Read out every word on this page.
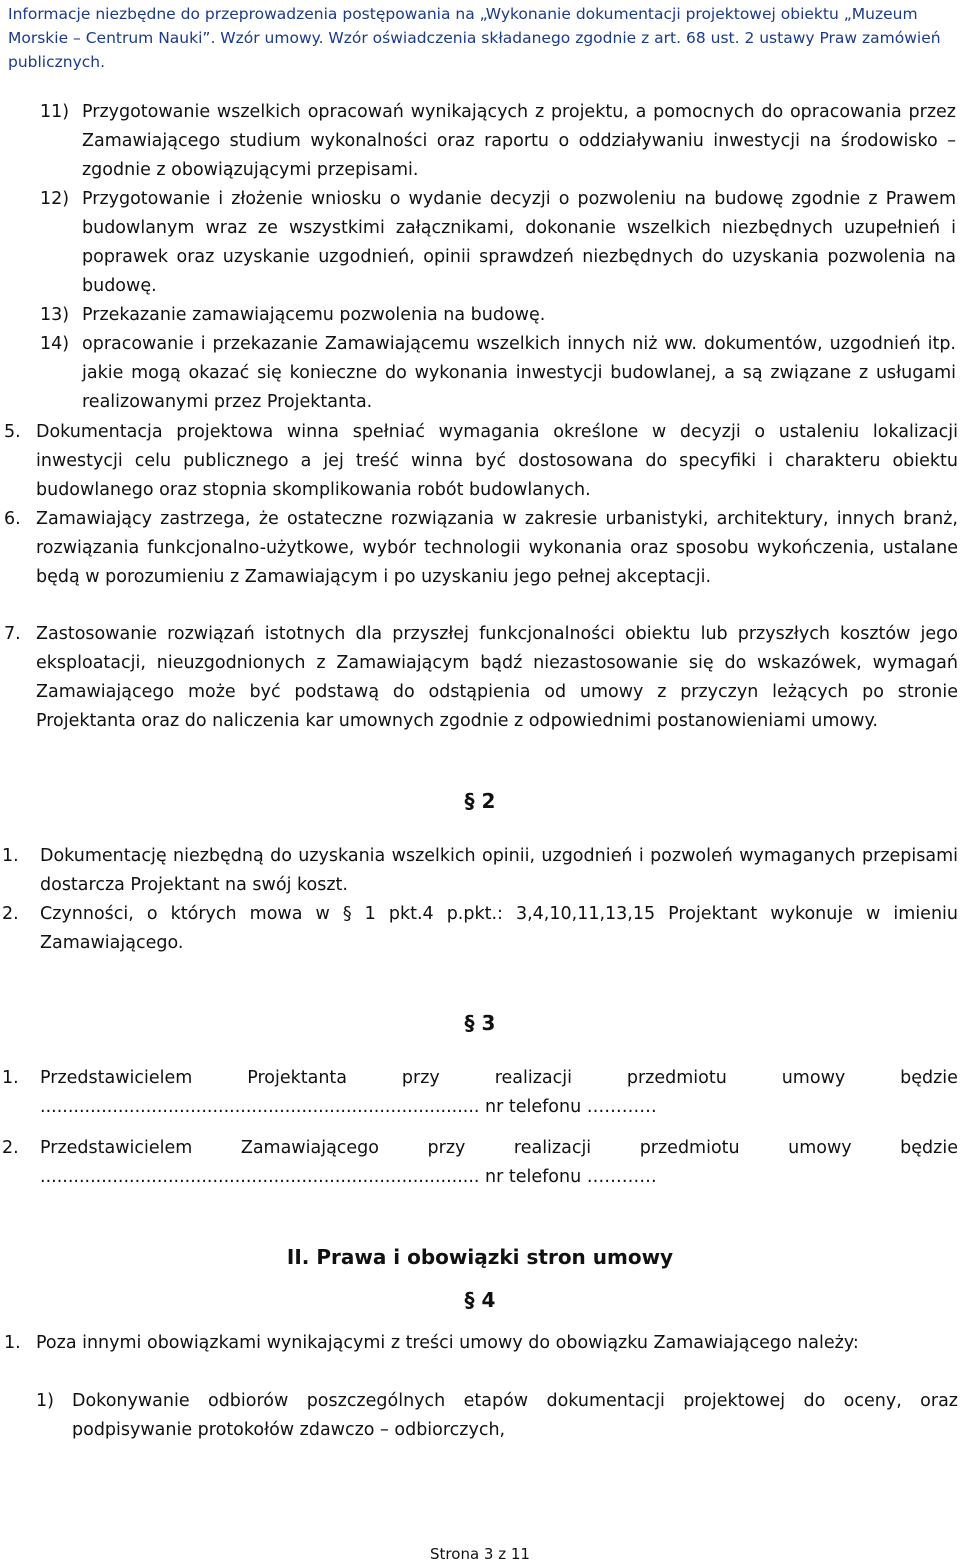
Informacje niezbędne do przeprowadzenia postępowania na „Wykonanie dokumentacji projektowej obiektu „Muzeum Morskie – Centrum Nauki”. Wzór umowy. Wzór oświadczenia składanego zgodnie z art. 68 ust. 2 ustawy Praw zamówień publicznych.
11) Przygotowanie wszelkich opracowań wynikających z projektu, a pomocnych do opracowania przez Zamawiającego studium wykonalności oraz raportu o oddziaływaniu inwestycji na środowisko – zgodnie z obowiązującymi przepisami.
12) Przygotowanie i złożenie wniosku o wydanie decyzji o pozwoleniu na budowę zgodnie z Prawem budowlanym wraz ze wszystkimi załącznikami, dokonanie wszelkich niezbędnych uzupełnień i poprawek oraz uzyskanie uzgodnień, opinii sprawdzeń niezbędnych do uzyskania pozwolenia na budowę.
13) Przekazanie zamawiającemu pozwolenia na budowę.
14) opracowanie i przekazanie Zamawiającemu wszelkich innych niż ww. dokumentów, uzgodnień itp. jakie mogą okazać się konieczne do wykonania inwestycji budowlanej, a są związane z usługami realizowanymi przez Projektanta.
5. Dokumentacja projektowa winna spełniać wymagania określone w decyzji o ustaleniu lokalizacji inwestycji celu publicznego a jej treść winna być dostosowana do specyfiki i charakteru obiektu budowlanego oraz stopnia skomplikowania robót budowlanych.
6. Zamawiający zastrzega, że ostateczne rozwiązania w zakresie urbanistyki, architektury, innych branż, rozwiązania funkcjonalno-użytkowe, wybór technologii wykonania oraz sposobu wykończenia, ustalane będą w porozumieniu z Zamawiającym i po uzyskaniu jego pełnej akceptacji.
7. Zastosowanie rozwiązań istotnych dla przyszłej funkcjonalności obiektu lub przyszłych kosztów jego eksploatacji, nieuzgodnionych z Zamawiającym bądź niezastosowanie się do wskazówek, wymagań Zamawiającego może być podstawą do odstąpienia od umowy z przyczyn leżących po stronie Projektanta oraz do naliczenia kar umownych zgodnie z odpowiednimi postanowieniami umowy.
§ 2
1. Dokumentację niezbędną do uzyskania wszelkich opinii, uzgodnień i pozwoleń wymaganych przepisami dostarcza Projektant na swój koszt.
2. Czynności, o których mowa w § 1 pkt.4 p.pkt.: 3,4,10,11,13,15 Projektant wykonuje w imieniu Zamawiającego.
§ 3
1. Przedstawicielem	Projektanta	przy	realizacji	przedmiotu	umowy	będzie
............................................................................... nr telefonu …………
2. Przedstawicielem	Zamawiającego	przy	realizacji	przedmiotu	umowy	będzie
............................................................................... nr telefonu …………
II. Prawa i obowiązki stron umowy
§ 4
1. Poza innymi obowiązkami wynikającymi z treści umowy do obowiązku Zamawiającego należy:
1) Dokonywanie odbiorów poszczególnych etapów dokumentacji projektowej do oceny, oraz podpisywanie protokołów zdawczo – odbiorczych,
Strona 3 z 11
